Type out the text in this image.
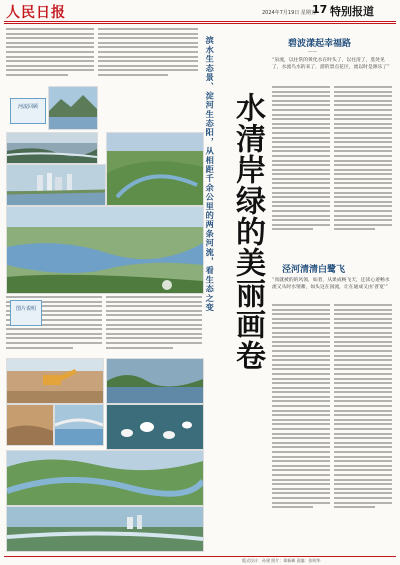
人民日报	2024年7月19日 星期五
17 特别报道
河流回顾
图片说明	水清岸绿的美丽画卷
滨水生态景、淀河生态阳，从相距千余公里的两条河流，看生态之变	碧波漾起幸福路
——
“泉流，以往常的黄化水在时头了，以往清了，莫处见了，水流鸟水的来了，游的景点花区，流以时是源乐了”
泾河清清白鹭飞
“真就被的的风领，如者，从果成畅飞天，还读心迹畅水流又从时水情蓄，如头这在国流，让在通成又由’普宽’”
版式设计：孙建 照片：郑新峰 责编：张明华
